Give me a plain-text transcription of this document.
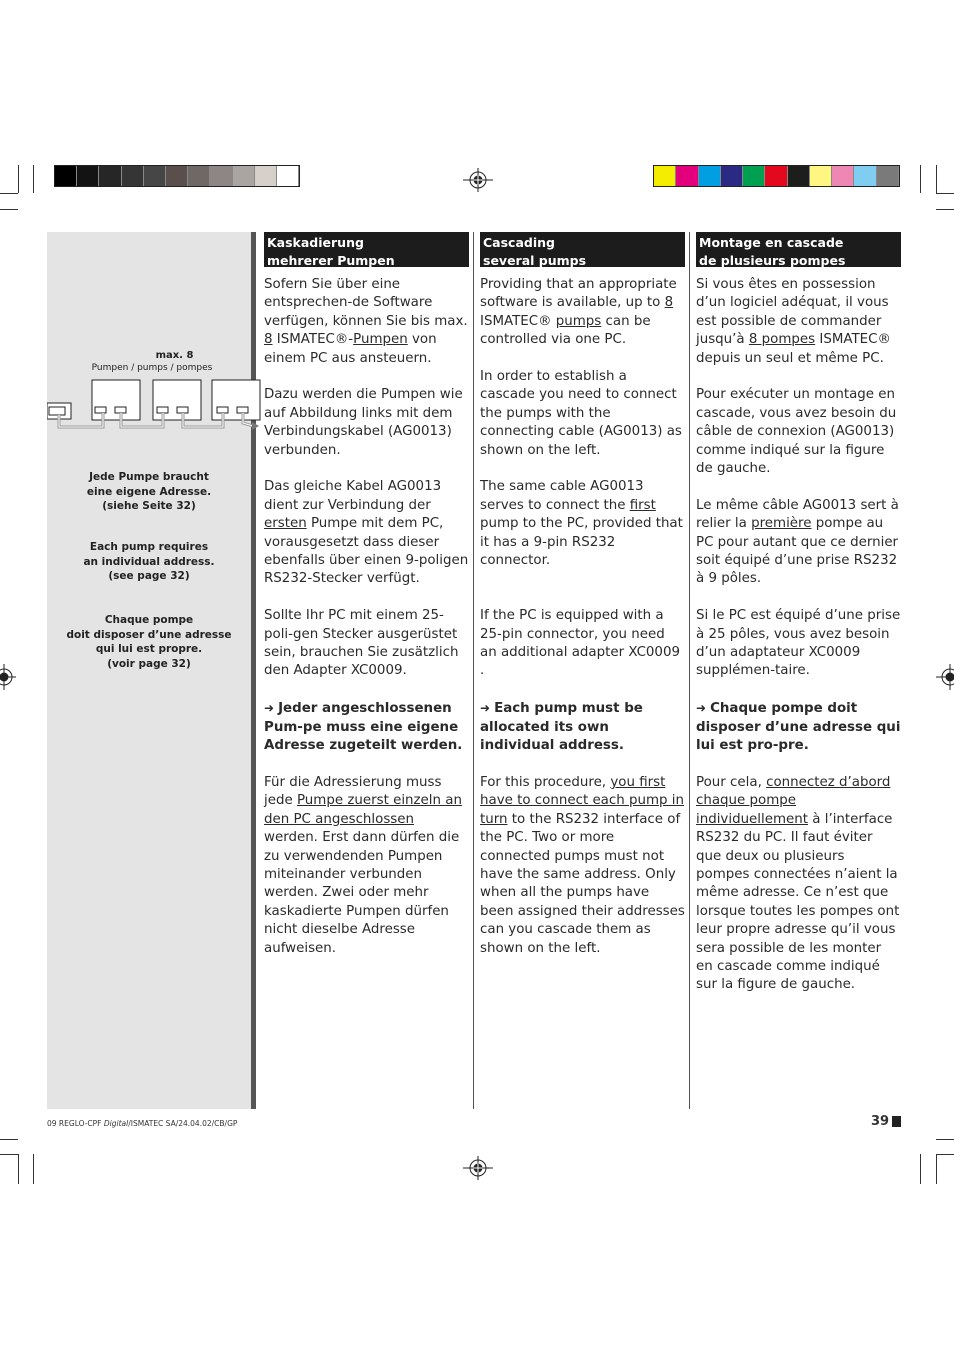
max. 8
Pumpen / pumps / pompes
Jede Pumpe braucht
eine eigene Adresse.
(siehe Seite 32)
Each pump requires
an individual address.
(see page 32)
Chaque pompe
doit disposer d’une adresse
qui lui est propre.
(voir page 32)
Kaskadierung
mehrerer Pumpen

Sofern Sie über eine entsprechen-de Software verfügen, können Sie bis max. 8 ISMATEC®-Pumpen von einem PC aus ansteuern.

Dazu werden die Pumpen wie auf Abbildung links mit dem Verbindungskabel (AG0013) verbunden.

Das gleiche Kabel AG0013 dient zur Verbindung der ersten Pumpe mit dem PC, vorausgesetzt dass dieser ebenfalls über einen 9-poligen RS232-Stecker verfügt.

Sollte Ihr PC mit einem 25-poli-gen Stecker ausgerüstet sein, brauchen Sie zusätzlich den Adapter XC0009.

➜ Jeder angeschlossenen Pum-pe muss eine eigene Adresse zugeteilt werden.

Für die Adressierung muss jede Pumpe zuerst einzeln an den PC angeschlossen werden. Erst dann dürfen die zu verwendenden Pumpen miteinander verbunden werden. Zwei oder mehr kaskadierte Pumpen dürfen nicht dieselbe Adresse aufweisen.

Cascading
several pumps

Providing that an appropriate software is available, up to 8 ISMATEC® pumps can be controlled via one PC.

In order to establish a cascade you need to connect the pumps with the connecting cable (AG0013) as shown on the left.

The same cable AG0013 serves to connect the first pump to the PC, provided that it has a 9-pin RS232 connector.

If the PC is equipped with a 25-pin connector, you need an additional adapter XC0009 .

➜ Each pump must be allocated its own individual address.

For this procedure, you first have to connect each pump in turn to the RS232 interface of the PC. Two or more connected pumps must not have the same address. Only when all the pumps have been assigned their addresses can you cascade them as shown on the left.

Montage en cascade
de plusieurs pompes

Si vous êtes en possession d’un logiciel adéquat, il vous est possible de commander jusqu’à 8 pompes ISMATEC® depuis un seul et même PC.

Pour exécuter un montage en cascade, vous avez besoin du câble de connexion (AG0013) comme indiqué sur la figure de gauche.

Le même câble AG0013 sert à relier la première pompe au PC pour autant que ce dernier soit équipé d’une prise RS232 à 9 pôles.

Si le PC est équipé d’une prise à 25 pôles, vous avez besoin d’un adaptateur XC0009 supplémen-taire.

➜ Chaque pompe doit disposer d’une adresse qui lui est pro-pre.

Pour cela, connectez d’abord chaque pompe individuellement à l’interface RS232 du PC. Il faut éviter que deux ou plusieurs pompes connectées n’aient la même adresse. Ce n’est que lorsque toutes les pompes ont leur propre adresse qu’il vous sera possible de les monter en cascade comme indiqué sur la figure de gauche.

09 REGLO-CPF Digital/ISMATEC SA/24.04.02/CB/GP	39
